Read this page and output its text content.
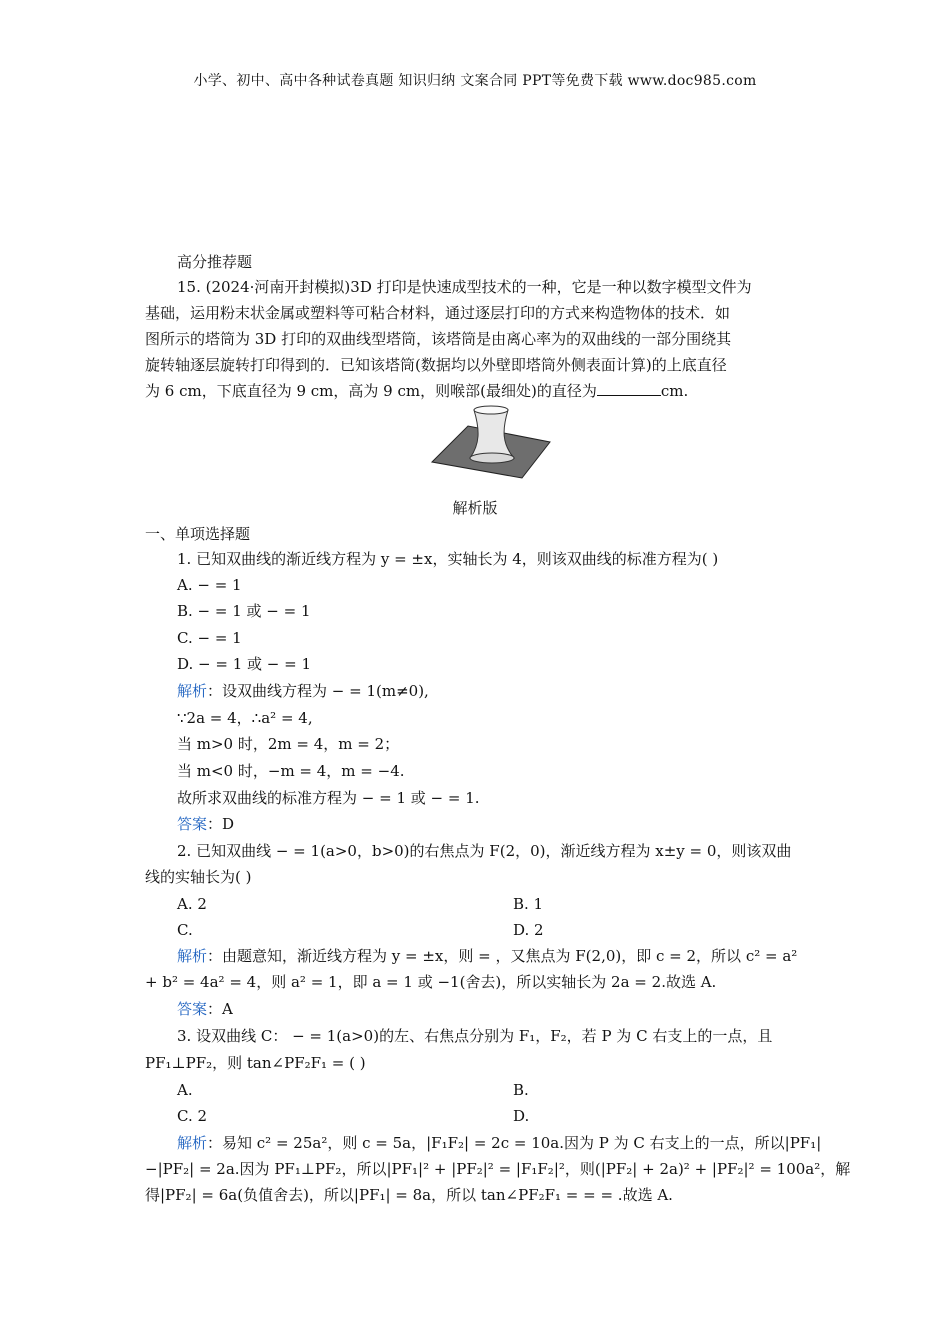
小学、初中、高中各种试卷真题 知识归纳 文案合同 PPT等免费下载 www.doc985.com
高分推荐题
15. (2024·河南开封模拟)3D 打印是快速成型技术的一种，它是一种以数字模型文件为
基础，运用粉末状金属或塑料等可粘合材料，通过逐层打印的方式来构造物体的技术．如
图所示的塔筒为 3D 打印的双曲线型塔筒，该塔筒是由离心率为的双曲线的一部分围绕其
旋转轴逐层旋转打印得到的．已知该塔筒(数据均以外壁即塔筒外侧表面计算)的上底直径
为 6 cm，下底直径为 9 cm，高为 9 cm，则喉部(最细处)的直径为	cm.
解析版
一、单项选择题
1. 已知双曲线的渐近线方程为 y = ±x，实轴长为 4，则该双曲线的标准方程为( )
A. − = 1
B. − = 1 或 − = 1
C. − = 1
D. − = 1 或 − = 1
解析：设双曲线方程为 − = 1(m≠0),
∵2a = 4，∴a² = 4,
当 m>0 时，2m = 4，m = 2；
当 m<0 时，−m = 4，m = −4.
故所求双曲线的标准方程为 − = 1 或 − = 1.
答案：D
2. 已知双曲线 − = 1(a>0，b>0)的右焦点为 F(2，0)，渐近线方程为 x±y = 0，则该双曲
线的实轴长为( )
A. 2	B. 1
C.	D. 2
解析：由题意知，渐近线方程为 y = ±x，则 = ，又焦点为 F(2,0)，即 c = 2，所以 c² = a²
+ b² = 4a² = 4，则 a² = 1，即 a = 1 或 −1(舍去)，所以实轴长为 2a = 2.故选 A.
答案：A
3. 设双曲线 C： − = 1(a>0)的左、右焦点分别为 F₁，F₂，若 P 为 C 右支上的一点，且
PF₁⊥PF₂，则 tan∠PF₂F₁ = ( )
A.	B.
C. 2	D.
解析：易知 c² = 25a²，则 c = 5a，|F₁F₂| = 2c = 10a.因为 P 为 C 右支上的一点，所以|PF₁|
−|PF₂| = 2a.因为 PF₁⊥PF₂，所以|PF₁|² + |PF₂|² = |F₁F₂|²，则(|PF₂| + 2a)² + |PF₂|² = 100a²，解
得|PF₂| = 6a(负值舍去)，所以|PF₁| = 8a，所以 tan∠PF₂F₁ = = = .故选 A.
